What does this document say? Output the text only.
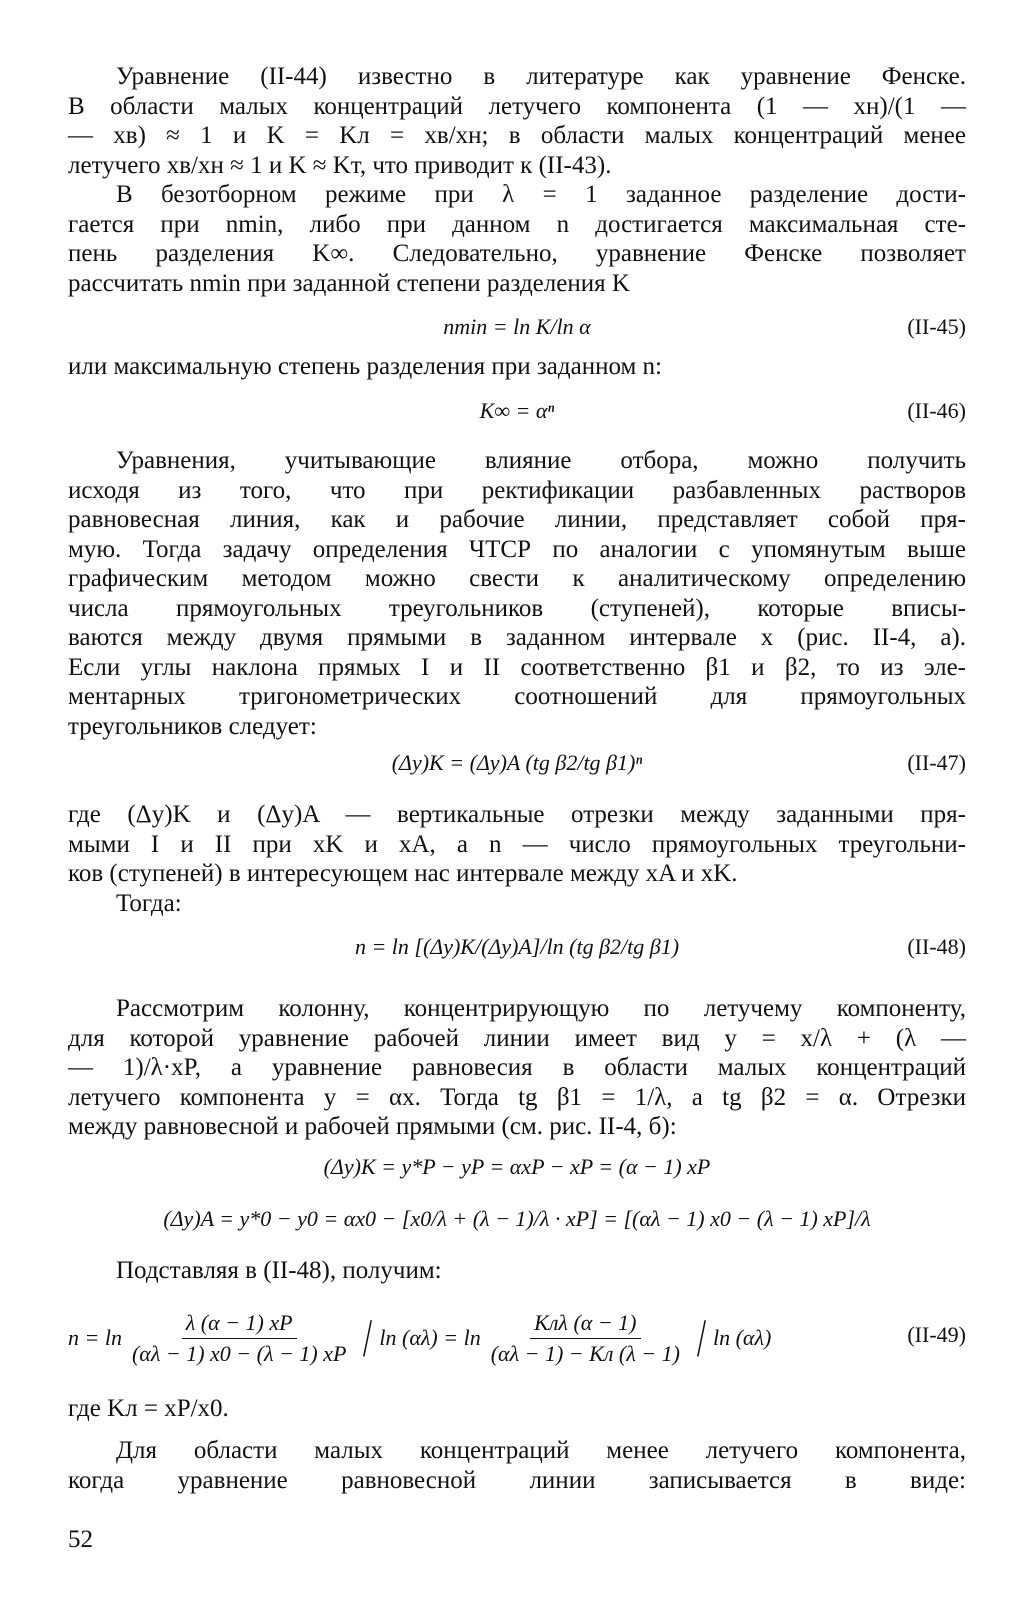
Уравнение (II-44) известно в литературе как уравнение Фенске.
В области малых концентраций летучего компонента (1 — xн)/(1 —
— xв) ≈ 1 и K = Kл = xв/xн; в области малых концентраций менее
летучего xв/xн ≈ 1 и K ≈ Kт, что приводит к (II-43).
В безотборном режиме при λ = 1 заданное разделение дости-
гается при nmin, либо при данном n достигается максимальная сте-
пень разделения K∞. Следовательно, уравнение Фенске позволяет
рассчитать nmin при заданной степени разделения K
nmin = ln K/ln α	(II-45)
или максимальную степень разделения при заданном n:
K∞ = αⁿ	(II-46)
Уравнения, учитывающие влияние отбора, можно получить
исходя из того, что при ректификации разбавленных растворов
равновесная линия, как и рабочие линии, представляет собой пря-
мую. Тогда задачу определения ЧТСР по аналогии с упомянутым выше
графическим методом можно свести к аналитическому определению
числа прямоугольных треугольников (ступеней), которые вписы-
ваются между двумя прямыми в заданном интервале x (рис. II-4, а).
Если углы наклона прямых I и II соответственно β1 и β2, то из эле-
ментарных тригонометрических соотношений для прямоугольных
треугольников следует:
(Δy)K = (Δy)A (tg β2/tg β1)ⁿ	(II-47)
где (Δy)K и (Δy)A — вертикальные отрезки между заданными пря-
мыми I и II при xK и xA, а n — число прямоугольных треугольни-
ков (ступеней) в интересующем нас интервале между xA и xK.
Тогда:
n = ln [(Δy)K/(Δy)A]/ln (tg β2/tg β1)	(II-48)
Рассмотрим колонну, концентрирующую по летучему компоненту,
для которой уравнение рабочей линии имеет вид y = x/λ + (λ —
— 1)/λ·xP, а уравнение равновесия в области малых концентраций
летучего компонента y = αx. Тогда tg β1 = 1/λ, а tg β2 = α. Отрезки
между равновесной и рабочей прямыми (см. рис. II-4, б):
(Δy)K = y*P − yP = αxP − xP = (α − 1) xP
(Δy)A = y*0 − y0 = αx0 − [x0/λ + (λ − 1)/λ · xP] = [(αλ − 1) x0 − (λ − 1) xP]/λ
Подставляя в (II-48), получим:
$n = \ln \frac{\lambda (\alpha - 1) xP}{(\alpha\lambda - 1) x0 - (\lambda - 1) xP} / \ln (\alpha\lambda) = \ln \frac{\text{Kлλ (α − 1)}}{(\alpha\lambda - 1) - Kл (\lambda - 1)} / \ln (\alpha\lambda)$	(II-49)
где Kл = xP/x0.
Для области малых концентраций менее летучего компонента,
когда уравнение равновесной линии записывается в виде:
52
